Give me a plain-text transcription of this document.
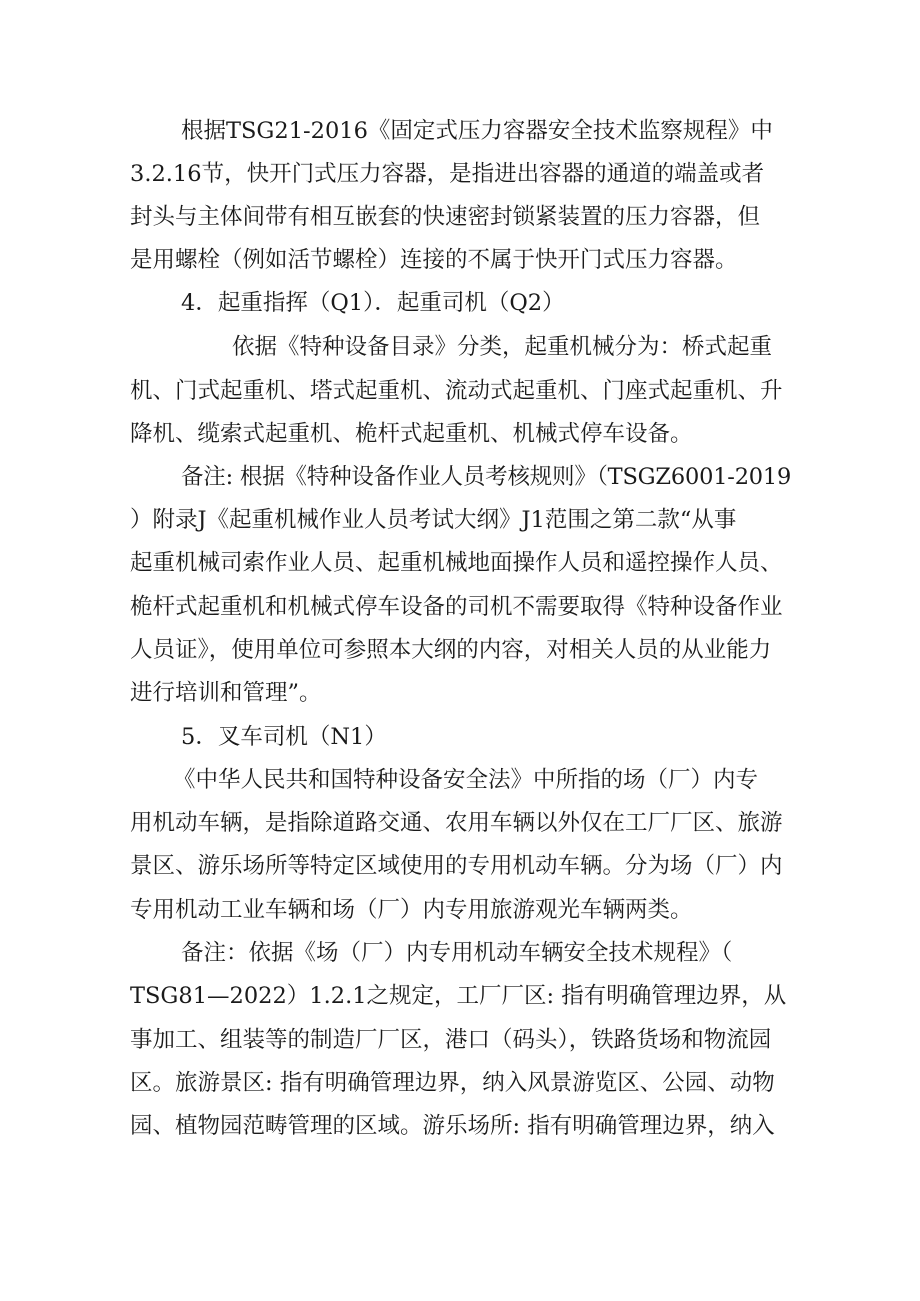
根据TSG21-2016《固定式压力容器安全技术监察规程》中
3.2.16节，快开门式压力容器，是指进出容器的通道的端盖或者
封头与主体间带有相互嵌套的快速密封锁紧装置的压力容器，但
是用螺栓（例如活节螺栓）连接的不属于快开门式压力容器。
4．起重指挥（Q1）．起重司机（Q2）
依据《特种设备目录》分类，起重机械分为：桥式起重
机、门式起重机、塔式起重机、流动式起重机、门座式起重机、升
降机、缆索式起重机、桅杆式起重机、机械式停车设备。
备注: 根据《特种设备作业人员考核规则》（TSGZ6001-2019
）附录J《起重机械作业人员考试大纲》J1范围之第二款“从事
起重机械司索作业人员、起重机械地面操作人员和遥控操作人员、
桅杆式起重机和机械式停车设备的司机不需要取得《特种设备作业
人员证》，使用单位可参照本大纲的内容，对相关人员的从业能力
进行培训和管理”。
5．叉车司机（N1）
《中华人民共和国特种设备安全法》中所指的场（厂）内专
用机动车辆，是指除道路交通、农用车辆以外仅在工厂厂区、旅游
景区、游乐场所等特定区域使用的专用机动车辆。分为场（厂）内
专用机动工业车辆和场（厂）内专用旅游观光车辆两类。
备注：依据《场（厂）内专用机动车辆安全技术规程》（
TSG81—2022）1.2.1之规定，工厂厂区: 指有明确管理边界，从
事加工、组装等的制造厂厂区，港口（码头），铁路货场和物流园
区。旅游景区: 指有明确管理边界，纳入风景游览区、公园、动物
园、植物园范畴管理的区域。游乐场所: 指有明确管理边界，纳入
